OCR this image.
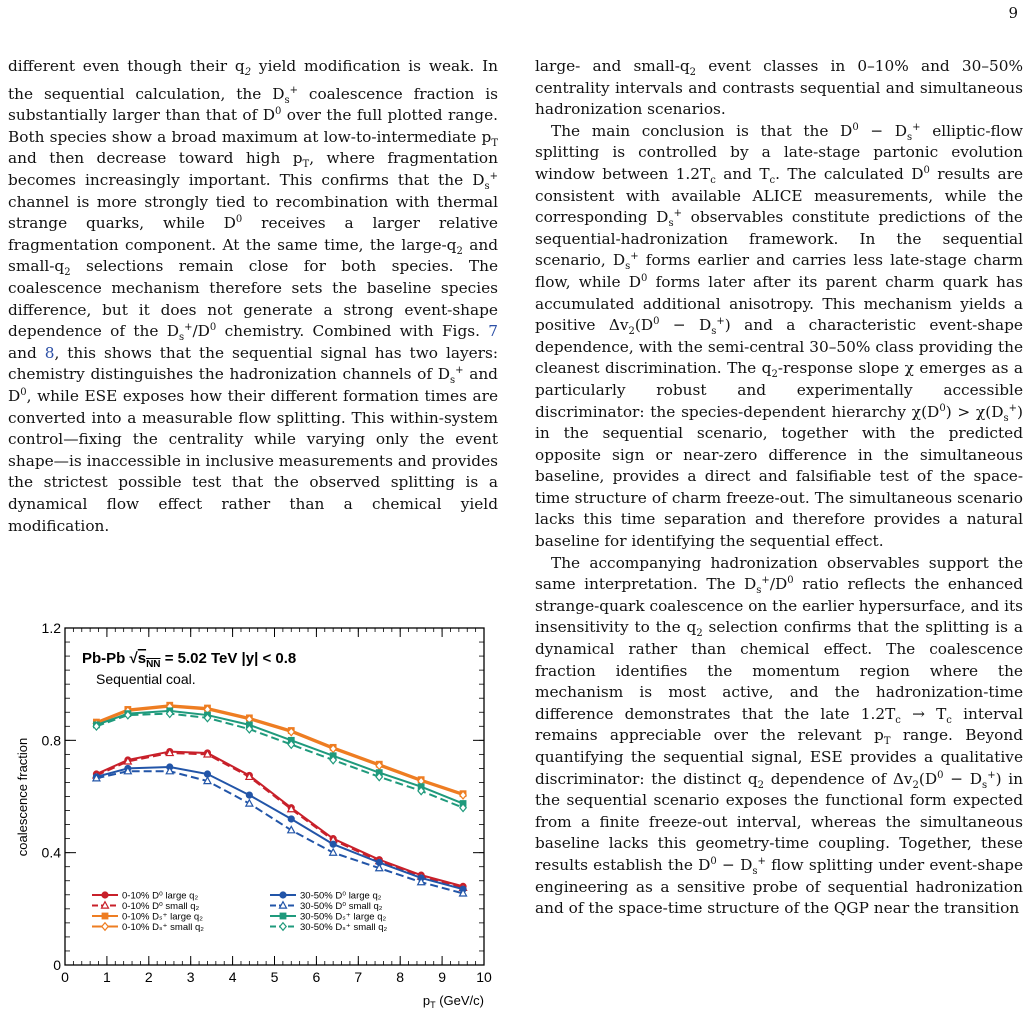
9

different even though their $q_2$ yield modification is weak. In the sequential calculation, the $D_s^+$ coalescence fraction is substantially larger than that of $D^0$ over the full plotted range. Both species show a broad maximum at low-to-intermediate $p_T$ and then decrease toward high $p_T$, where fragmentation becomes increasingly important. This confirms that the $D_s^+$ channel is more strongly tied to recombination with thermal strange quarks, while $D^0$ receives a larger relative fragmentation component. At the same time, the large-$q_2$ and small-$q_2$ selections remain close for both species. The coalescence mechanism therefore sets the baseline species difference, but it does not generate a strong event-shape dependence of the $D_s^+/D^0$ chemistry. Combined with Figs. 7 and 8, this shows that the sequential signal has two layers: chemistry distinguishes the hadronization channels of $D_s^+$ and $D^0$, while ESE exposes how their different formation times are converted into a measurable flow splitting. This within-system control—fixing the centrality while varying only the event shape—is inaccessible in inclusive measurements and provides the strictest possible test that the observed splitting is a dynamical flow effect rather than a chemical yield modification.

large- and small-$q_2$ event classes in 0–10% and 30–50% centrality intervals and contrasts sequential and simultaneous hadronization scenarios.

The main conclusion is that the $D^0 - D_s^+$ elliptic-flow splitting is controlled by a late-stage partonic evolution window between $1.2T_c$ and $T_c$. The calculated $D^0$ results are consistent with available ALICE measurements, while the corresponding $D_s^+$ observables constitute predictions of the sequential-hadronization framework. In the sequential scenario, $D_s^+$ forms earlier and carries less late-stage charm flow, while $D^0$ forms later after its parent charm quark has accumulated additional anisotropy. This mechanism yields a positive $\Delta v_2(D^0 - D_s^+)$ and a characteristic event-shape dependence, with the semi-central 30–50% class providing the cleanest discrimination. The $q_2$-response slope χ emerges as a particularly robust and experimentally accessible discriminator: the species-dependent hierarchy $\chi(D^0) > \chi(D_s^+)$ in the sequential scenario, together with the predicted opposite sign or near-zero difference in the simultaneous baseline, provides a direct and falsifiable test of the space-time structure of charm freeze-out. The simultaneous scenario lacks this time separation and therefore provides a natural baseline for identifying the sequential effect.

The accompanying hadronization observables support the same interpretation. The $D_s^+/D^0$ ratio reflects the enhanced strange-quark coalescence on the earlier hypersurface, and its insensitivity to the $q_2$ selection confirms that the splitting is a dynamical rather than chemical effect. The coalescence fraction identifies the momentum region where the mechanism is most active, and the hadronization-time difference demonstrates that the late $1.2T_c \to T_c$ interval remains appreciable over the relevant $p_T$ range. Beyond quantifying the sequential signal, ESE provides a qualitative discriminator: the distinct $q_2$ dependence of $\Delta v_2(D^0 - D_s^+)$ in the sequential scenario exposes the functional form expected from a finite freeze-out interval, whereas the simultaneous baseline lacks this geometry-time coupling. Together, these results establish the $D^0 - D_s^+$ flow splitting under event-shape engineering as a sensitive probe of sequential hadronization and of the space-time structure of the QGP near the transition

0 1 2 3 4 5 6 7 8 9 10
0
0.4
0.8
1.2
0-10% D⁰ large q₂
0-10% D⁰ small q₂
0-10% Dₛ⁺ large q₂
0-10% Dₛ⁺ small q₂
30-50% D⁰ large q₂
30-50% D⁰ small q₂
30-50% Dₛ⁺ large q₂
30-50% Dₛ⁺ small q₂
Pb-Pb $√s_{NN} = 5.02$ TeV |y| < 0.8
Sequential coal.
coalescence fraction
$p_T$ (GeV/c)
